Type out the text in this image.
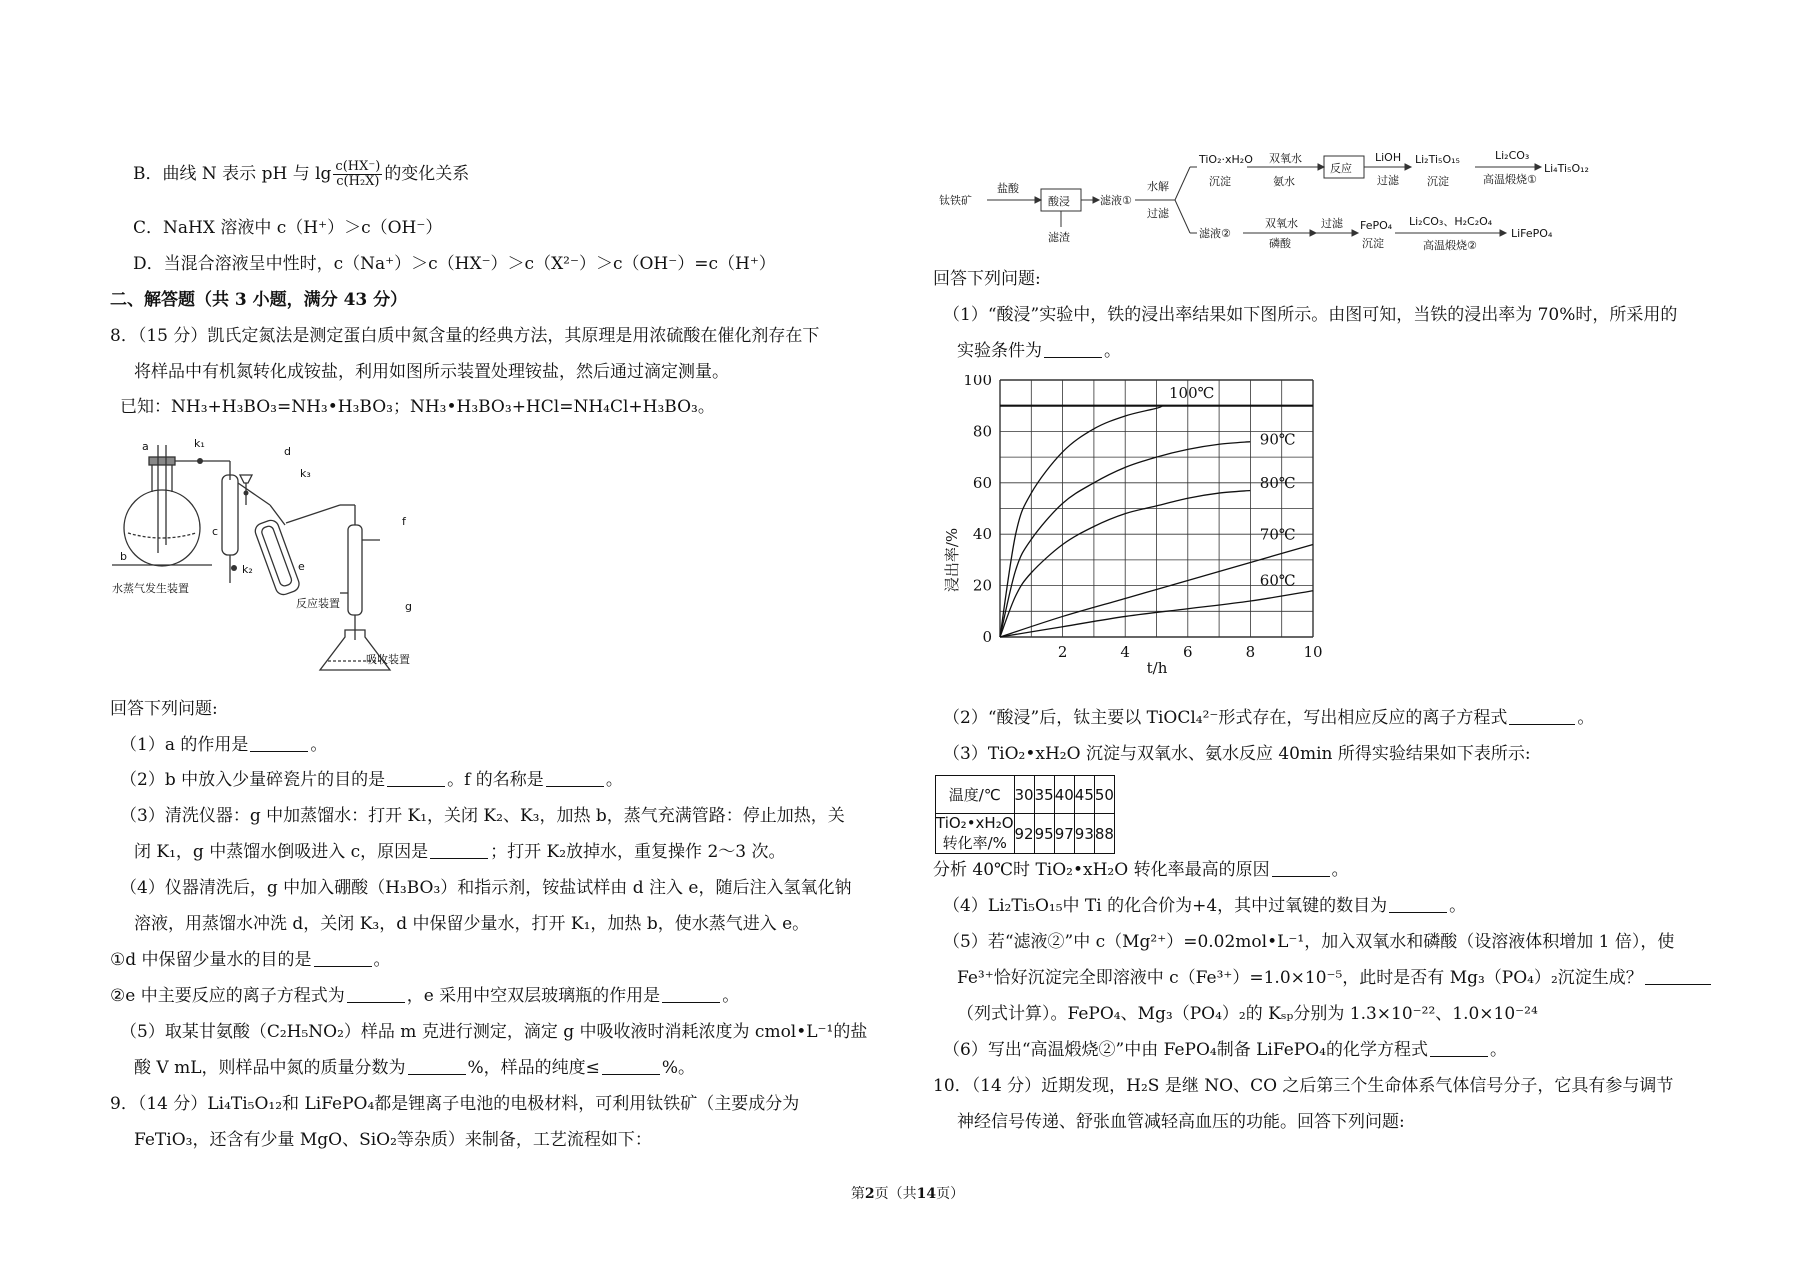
B．曲线 N 表示 pH 与 $\lg \frac{c(HX^-)}{\text{c(H₂X)}}$ 的变化关系
C．NaHX 溶液中 c（H⁺）＞c（OH⁻）
D．当混合溶液呈中性时，c（Na⁺）＞c（HX⁻）＞c（X²⁻）＞c（OH⁻）=c（H⁺）
二、解答题（共 3 小题，满分 43 分）
8．（15 分）凯氏定氮法是测定蛋白质中氮含量的经典方法，其原理是用浓硫酸在催化剂存在下
将样品中有机氮转化成铵盐，利用如图所示装置处理铵盐，然后通过滴定测量。
已知：NH₃+H₃BO₃=NH₃•H₃BO₃；NH₃•H₃BO₃+HCl=NH₄Cl+H₃BO₃。
a
b
c
k₁
k₂
d
k₃
e
f
g
水蒸气发生装置
反应装置
吸收装置
回答下列问题:
（1）a 的作用是	。
（2）b 中放入少量碎瓷片的目的是	。f 的名称是	。
（3）清洗仪器：g 中加蒸馏水：打开 K₁，关闭 K₂、K₃，加热 b，蒸气充满管路：停止加热，关
闭 K₁，g 中蒸馏水倒吸进入 c，原因是	；打开 K₂放掉水，重复操作 2～3 次。
（4）仪器清洗后，g 中加入硼酸（H₃BO₃）和指示剂，铵盐试样由 d 注入 e，随后注入氢氧化钠
溶液，用蒸馏水冲洗 d，关闭 K₃，d 中保留少量水，打开 K₁，加热 b，使水蒸气进入 e。
①d 中保留少量水的目的是	。
②e 中主要反应的离子方程式为	，e 采用中空双层玻璃瓶的作用是	。
（5）取某甘氨酸（C₂H₅NO₂）样品 m 克进行测定，滴定 g 中吸收液时消耗浓度为 cmol•L⁻¹的盐
酸 V mL，则样品中氮的质量分数为	%，样品的纯度≤	%。
9．（14 分）Li₄Ti₅O₁₂和 LiFePO₄都是锂离子电池的电极材料，可利用钛铁矿（主要成分为
FeTiO₃，还含有少量 MgO、SiO₂等杂质）来制备，工艺流程如下：
钛铁矿
盐酸
酸浸
滤渣
滤液①
水解
过滤
TiO₂·xH₂O
沉淀
双氧水
氨水
反应
LiOH
过滤
Li₂Ti₅O₁₅
沉淀
Li₂CO₃
高温煅烧①
Li₄Ti₅O₁₂
滤液②
双氧水
磷酸
过滤 FePO₄
沉淀
Li₂CO₃、H₂C₂O₄
高温煅烧②
LiFePO₄
回答下列问题:
（1）“酸浸”实验中，铁的浸出率结果如下图所示。由图可知，当铁的浸出率为 70%时，所采用的
实验条件为	。
100℃
90℃
80℃
70℃
60℃
0
20
40
60
80
100
2	4	6	8	10
浸出率/%
t/h
（2）“酸浸”后，钛主要以 TiOCl₄²⁻形式存在，写出相应反应的离子方程式	。
（3）TiO₂•xH₂O 沉淀与双氧水、氨水反应 40min 所得实验结果如下表所示:
温度/℃	30	35	40	45	50
TiO₂•xH₂O 转化率/%	92	95	97	93	88
分析 40℃时 TiO₂•xH₂O 转化率最高的原因	。
（4）Li₂Ti₅O₁₅中 Ti 的化合价为+4，其中过氧键的数目为	。
（5）若“滤液②”中 c（Mg²⁺）=0.02mol•L⁻¹，加入双氧水和磷酸（设溶液体积增加 1 倍），使
Fe³⁺恰好沉淀完全即溶液中 c（Fe³⁺）=1.0×10⁻⁵，此时是否有 Mg₃（PO₄）₂沉淀生成？
（列式计算）。FePO₄、Mg₃（PO₄）₂的 Kₛₚ分别为 1.3×10⁻²²、1.0×10⁻²⁴
（6）写出“高温煅烧②”中由 FePO₄制备 LiFePO₄的化学方程式	。
10．（14 分）近期发现，H₂S 是继 NO、CO 之后第三个生命体系气体信号分子，它具有参与调节
神经信号传递、舒张血管减轻高血压的功能。回答下列问题:
第2页（共14页）
